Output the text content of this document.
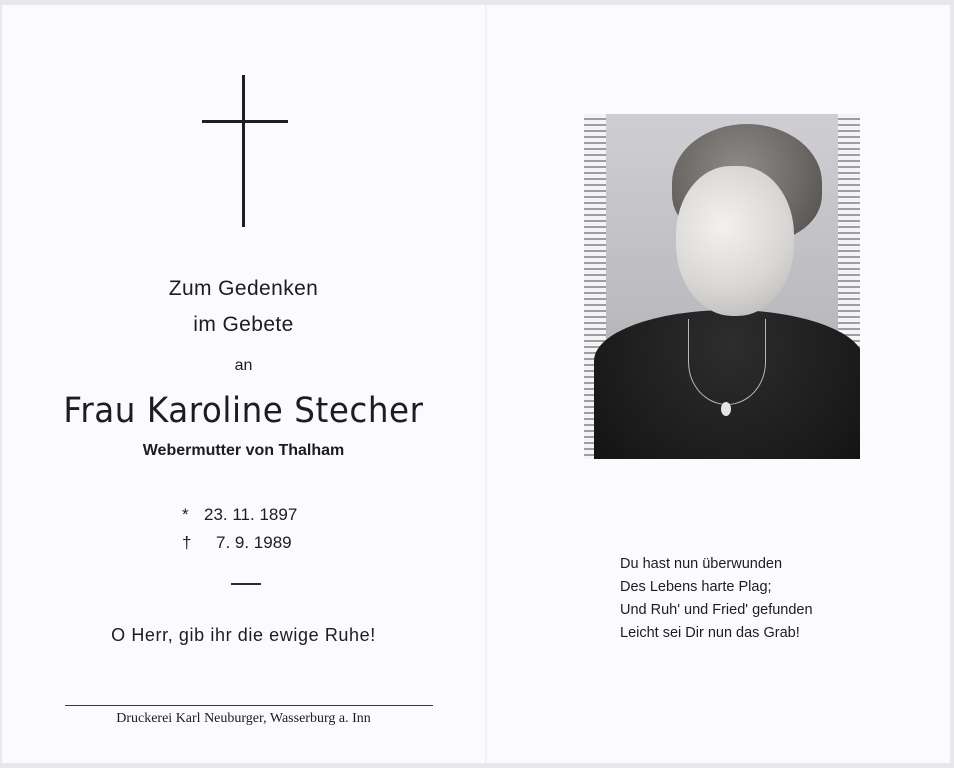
Zum Gedenken
im Gebete
an
Frau Karoline Stecher
Webermutter von Thalham
* 23. 11. 1897
†	7. 9. 1989
O Herr, gib ihr die ewige Ruhe!
Druckerei Karl Neuburger, Wasserburg a. Inn
Du hast nun überwunden
Des Lebens harte Plag;
Und Ruh' und Fried' gefunden
Leicht sei Dir nun das Grab!
